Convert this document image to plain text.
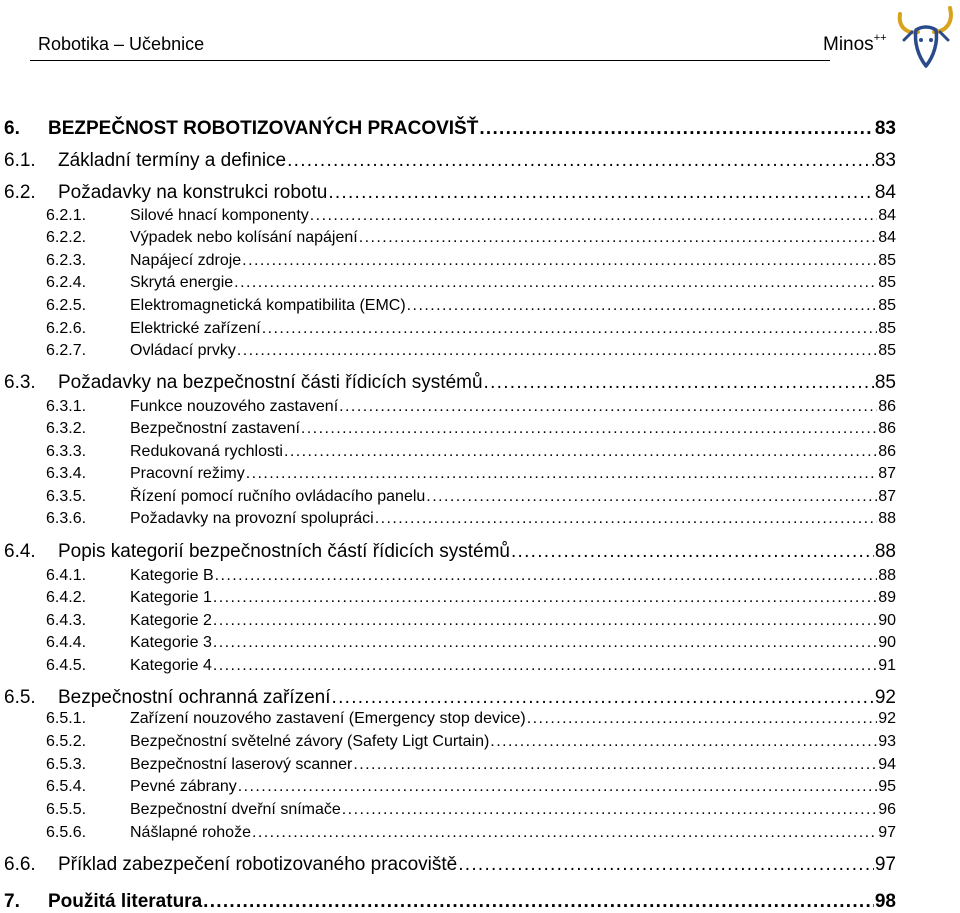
Robotika – Učebnice	Minos++
6.	BEZPEČNOST ROBOTIZOVANÝCH PRACOVIŠŤ . . .	83
6.1.	Základní termíny a definice . . .	83
6.2.	Požadavky na konstrukci robotu . . .	84
6.2.1.	Silové hnací komponenty . . .	84
6.2.2.	Výpadek nebo kolísání napájení . . .	84
6.2.3.	Napájecí zdroje . . .	85
6.2.4.	Skrytá energie . . .	85
6.2.5.	Elektromagnetická kompatibilita (EMC) . . .	85
6.2.6.	Elektrické zařízení . . .	85
6.2.7.	Ovládací prvky . . .	85
6.3.	Požadavky na bezpečnostní části řídicích systémů . . .	85
6.3.1.	Funkce nouzového zastavení . . .	86
6.3.2.	Bezpečnostní zastavení . . .	86
6.3.3.	Redukovaná rychlosti . . .	86
6.3.4.	Pracovní režimy . . .	87
6.3.5.	Řízení pomocí ručního ovládacího panelu . . .	87
6.3.6.	Požadavky na provozní spolupráci . . .	88
6.4.	Popis kategorií bezpečnostních částí řídicích systémů . . .	88
6.4.1.	Kategorie B . . .	88
6.4.2.	Kategorie 1 . . .	89
6.4.3.	Kategorie 2 . . .	90
6.4.4.	Kategorie 3 . . .	90
6.4.5.	Kategorie 4 . . .	91
6.5.	Bezpečnostní ochranná zařízení . . .	92
6.5.1.	Zařízení nouzového zastavení (Emergency stop device) . . .	92
6.5.2.	Bezpečnostní světelné závory (Safety Ligt Curtain) . . .	93
6.5.3.	Bezpečnostní laserový scanner . . .	94
6.5.4.	Pevné zábrany . . .	95
6.5.5.	Bezpečnostní dveřní snímače . . .	96
6.5.6.	Nášlapné rohože . . .	97
6.6.	Příklad zabezpečení robotizovaného pracoviště . . .	97
7.	Použitá literatura . . .	98
